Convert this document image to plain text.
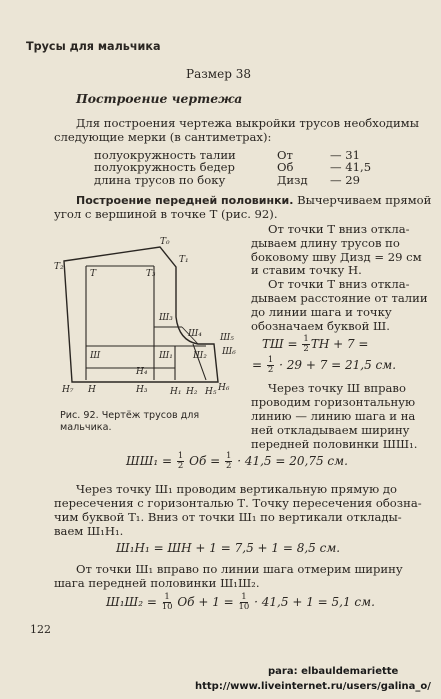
Трусы для мальчика
Размер 38
Построение чертежа
Для построения чертежа выкройки трусов необходимы
следующие мерки (в сантиметрах):
полуокружность талии	От	— 31
полуокружность бедер	Об	— 41,5
длина трусов по боку	Дизд — 29
Построение передней половинки. Вычерчиваем прямой
угол с вершиной в точке Т (рис. 92).
От точки Т вниз откла-
дываем длину трусов по
боковому шву Дизд = 29 см
и ставим точку Н.
От точки Т вниз откла-
дываем расстояние от талии
до линии шага и точку
обозначаем буквой Ш.
ТШ = $\frac{1}{2}$ ТН + 7 =
= $\frac{1}{2} \cdot 29 + 7 = 21,5$ см.
Через точку Ш вправо
проводим горизонтальную
линию — линию шага и на
ней откладываем ширину
передней половинки ШШ₁.
Т₀
Т₁
Т₂
Т	Т₃
Ш₃
Ш₄ Ш₅
Ш₆
Ш	Ш₁ Ш₂
Н₄
Н₇ Н	Н₃	Н₁ Н₂ Н₅ Н₆
Рис. 92. Чертёж трусов для
мальчика.
$ШШ_1 = \frac{1}{2}$ Об = $\frac{1}{2} \cdot 41,5 = 20,75$ см.
Через точку Ш₁ проводим вертикальную прямую до
пересечения с горизонталью Т. Точку пересечения обозна-
чим буквой Т₁. Вниз от точки Ш₁ по вертикали отклады-
ваем Ш₁Н₁.
Ш₁Н₁ = ШН + 1 = 7,5 + 1 = 8,5 см.
От точки Ш₁ вправо по линии шага отмерим ширину
шага передней половинки Ш₁Ш₂.
$Ш_1Ш_2 = \frac{1}{10}$ Об + $1 = \frac{1}{10} \cdot 41,5 + 1 = 5,1$ см.
122
para: elbauldemariette
http://www.liveinternet.ru/users/galina_o/
